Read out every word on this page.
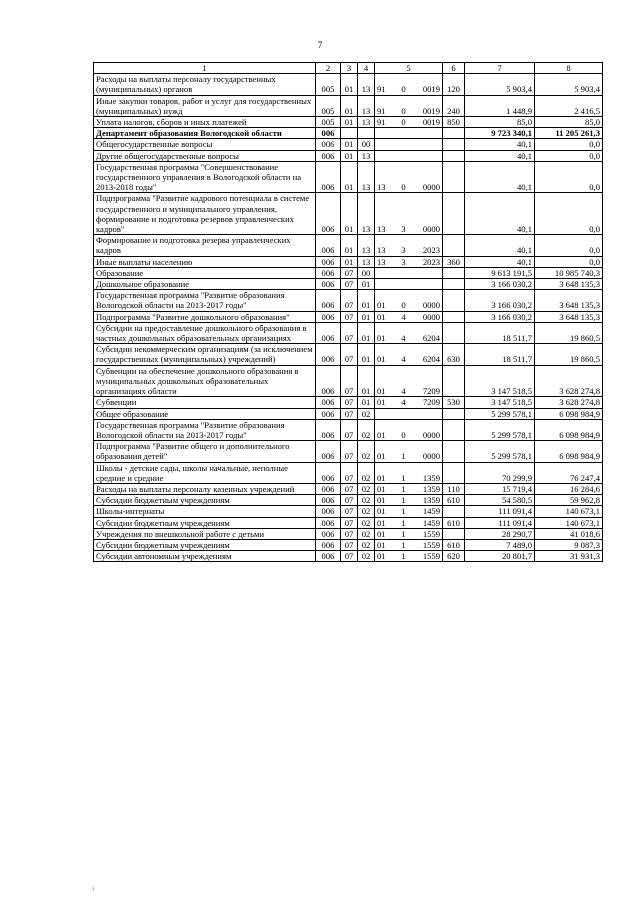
7
1	2	3	4	5			6	7	8
Расходы на выплаты персоналу государственных (муниципальных) органов	005	01	13	91	0	0019	120	5 903,4	5 903,4
Иные закупки товаров, работ и услуг для государственных (муниципальных) нужд	005	01	13	91	0	0019	240	1 448,9	2 416,5
Уплата налогов, сборов и иных платежей	005	01	13	91	0	0019	850	85,0	85,0
Департамент образования Вологодской области	006							9 723 340,1	11 205 261,3
Общегосударственные вопросы	006	01	00					40,1	0,0
Другие общегосударственные вопросы	006	01	13					40,1	0,0
Государственная программа "Совершенствование государственного управления в Вологодской области на 2013-2018 годы"	006	01	13	13	0	0000		40,1	0,0
Подпрограмма "Развитие кадрового потенциала в системе государственного и муниципального управления, формирование и подготовка резервов управленческих кадров"	006	01	13	13	3	0000		40,1	0,0
Формирование и подготовка резерва управленческих кадров	006	01	13	13	3	2023		40,1	0,0
Иные выплаты населению	006	01	13	13	3	2023	360	40,1	0,0
Образование	006	07	00					9 613 191,5	10 985 740,3
Дошкольное образование	006	07	01					3 166 030,2	3 648 135,3
Государственная программа "Развитие образования Вологодской области на 2013-2017 годы"	006	07	01	01	0	0000		3 166 030,2	3 648 135,3
Подпрограмма "Развитие дошкольного образования"	006	07	01	01	4	0000		3 166 030,2	3 648 135,3
Субсидии на предоставление дошкольного образования в частных дошкольных образовательных организациях	006	07	01	01	4	6204		18 511,7	19 860,5
Субсидии некоммерческим организациям (за исключением государственных (муниципальных) учреждений)	006	07	01	01	4	6204	630	18 511,7	19 860,5
Субвенции на обеспечение дошкольного образования в муниципальных дошкольных образовательных организациях области	006	07	01	01	4	7209		3 147 518,5	3 628 274,8
Субвенции	006	07	01	01	4	7209	530	3 147 518,5	3 628 274,8
Общее образование	006	07	02					5 299 578,1	6 098 984,9
Государственная программа "Развитие образования Вологодской области на 2013-2017 годы"	006	07	02	01	0	0000		5 299 578,1	6 098 984,9
Подпрограмма "Развитие общего и дополнительного образования детей"	006	07	02	01	1	0000		5 299 578,1	6 098 984,9
Школы - детские сады, школы начальные, неполные средние и средние	006	07	02	01	1	1359		70 299,9	76 247,4
Расходы на выплаты персоналу казенных учреждений	006	07	02	01	1	1359	110	15 719,4	16 284,6
Субсидии бюджетным учреждениям	006	07	02	01	1	1359	610	54 580,5	59 962,8
Школы-интернаты	006	07	02	01	1	1459		111 091,4	140 673,1
Субсидии бюджетным учреждениям	006	07	02	01	1	1459	610	111 091,4	140 673,1
Учреждения по внешкольной работе с детьми	006	07	02	01	1	1559		28 290,7	41 018,6
Субсидии бюджетным учреждениям	006	07	02	01	1	1559	610	7 489,0	9 087,3
Субсидии автономным учреждениям	006	07	02	01	1	1559	620	20 801,7	31 931,3
⁝
